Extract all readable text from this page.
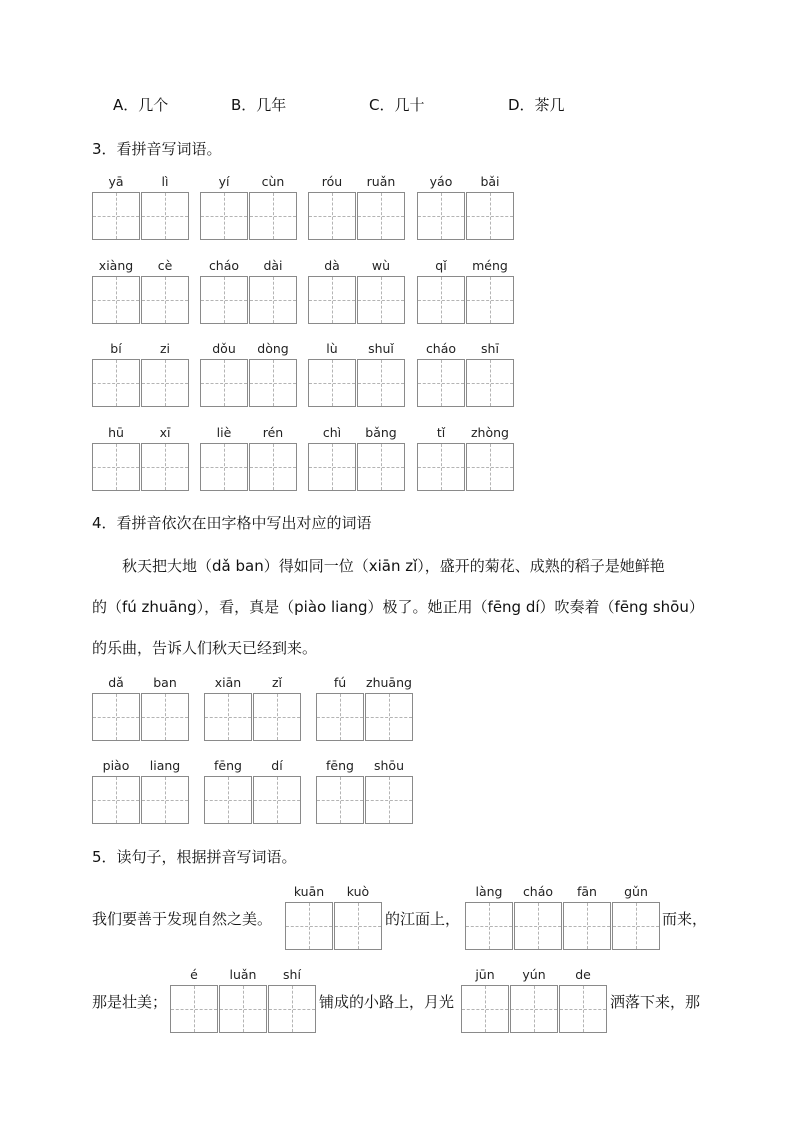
A．几个	B．几年	C．几十	D．茶几
3．看拼音写词语。
yā	lì	yí	cùn	róu	ruǎn	yáo	bǎi
xiàng	cè	cháo	dài	dà	wù	qǐ	méng
bí	zi	dǒu	dòng	lù	shuǐ	cháo	shī
hū	xī	liè	rén	chì	bǎng	tǐ	zhòng
4．看拼音依次在田字格中写出对应的词语
秋天把大地（dǎ ban）得如同一位（xiān zǐ），盛开的菊花、成熟的稻子是她鲜艳
的（fú zhuāng），看，真是（piào liang）极了。她正用（fēng dí）吹奏着（fēng shōu）
的乐曲，告诉人们秋天已经到来。
dǎ	ban	xiān	zǐ	fú	zhuāng
piào	liang	fēng	dí	fēng	shōu
5．读句子，根据拼音写词语。
我们要善于发现自然之美。	的江面上，	而来，
那是壮美；	铺成的小路上，月光	洒落下来，那
kuān	kuò	làng	cháo	fān	gǔn
é	luǎn	shí	jūn	yún	de
